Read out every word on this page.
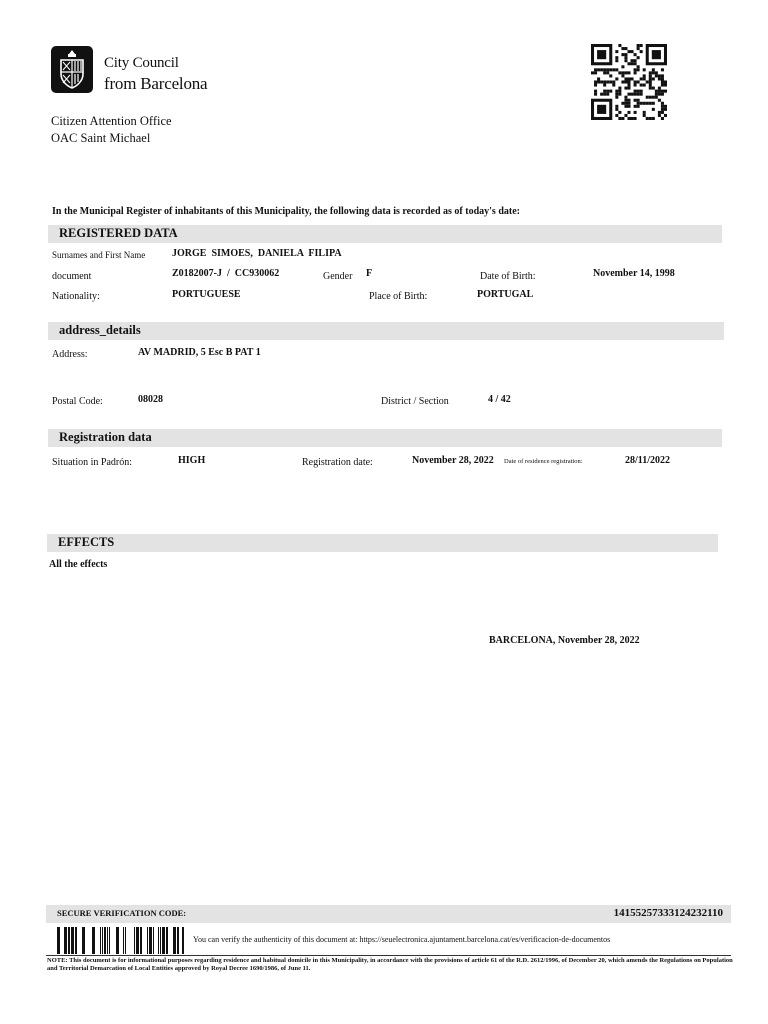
City Council
from Barcelona
Citizen Attention Office
OAC Saint Michael
In the Municipal Register of inhabitants of this Municipality, the following data is recorded as of today's date:
REGISTERED DATA
Surnames and First Name	JORGE  SIMOES,  DANIELA  FILIPA
document	Z0182007-J  /  CC930062	Gender F	Date of Birth:	November 14, 1998
Nationality:	PORTUGUESE	Place of Birth:	PORTUGAL
address_details
Address:	AV MADRID, 5 Esc B PAT 1
Postal Code:	08028	District / Section	4 / 42
Registration data
Situation in Padrón:	HIGH	Registration date:	November 28, 2022 Date of residence registration:	28/11/2022
EFFECTS
All the effects
BARCELONA, November 28, 2022
SECURE VERIFICATION CODE:	14155257333124232110
You can verify the authenticity of this document at: https://seuelectronica.ajuntament.barcelona.cat/es/verificacion-de-documentos
NOTE: This document is for informational purposes regarding residence and habitual domicile in this Municipality, in accordance with the provisions of article 61 of the R.D. 2612/1996, of December 20, which amends the Regulations on Population and Territorial Demarcation of Local Entities approved by Royal Decree 1690/1986, of June 11.
